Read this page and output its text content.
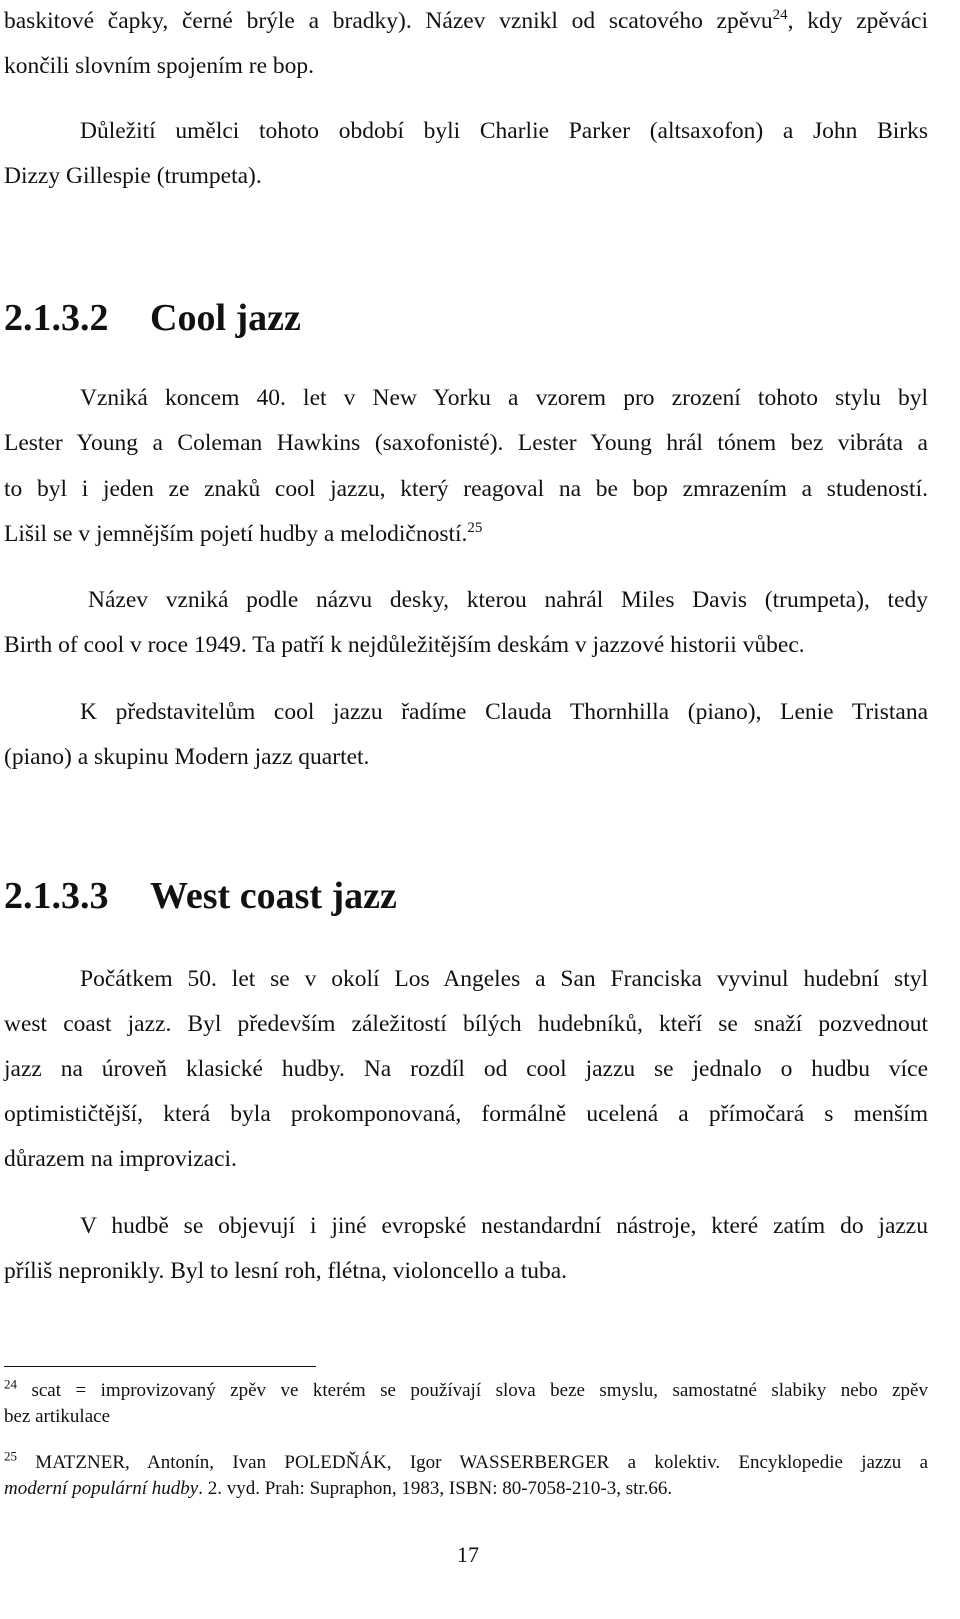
baskitové čapky, černé brýle a bradky). Název vznikl od scatového zpěvu$^{24}$, kdy zpěváci
končili slovním spojením re bop.
Důležití umělci tohoto období byli Charlie Parker (altsaxofon) a John Birks
Dizzy Gillespie (trumpeta).
2.1.3.2 Cool jazz
Vzniká koncem 40. let v New Yorku a vzorem pro zrození tohoto stylu byl
Lester Young a Coleman Hawkins (saxofonisté). Lester Young hrál tónem bez vibráta a
to byl i jeden ze znaků cool jazzu, který reagoval na be bop zmrazením a studeností.
Lišil se v jemnějším pojetí hudby a melodičností.$^{25}$
Název vzniká podle názvu desky, kterou nahrál Miles Davis (trumpeta), tedy
Birth of cool v roce 1949. Ta patří k nejdůležitějším deskám v jazzové historii vůbec.
K představitelům cool jazzu řadíme Clauda Thornhilla (piano), Lenie Tristana
(piano) a skupinu Modern jazz quartet.
2.1.3.3 West coast jazz
Počátkem 50. let se v okolí Los Angeles a San Franciska vyvinul hudební styl
west coast jazz. Byl především záležitostí bílých hudebníků, kteří se snaží pozvednout
jazz na úroveň klasické hudby. Na rozdíl od cool jazzu se jednalo o hudbu více
optimističtější, která byla prokomponovaná, formálně ucelená a přímočará s menším
důrazem na improvizaci.
V hudbě se objevují i jiné evropské nestandardní nástroje, které zatím do jazzu
příliš nepronikly. Byl to lesní roh, flétna, violoncello a tuba.
$^{24}$ scat = improvizovaný zpěv ve kterém se používají slova beze smyslu, samostatné slabiky nebo zpěv
bez artikulace
$^{25}$ MATZNER, Antonín, Ivan POLEDŇÁK, Igor WASSERBERGER a kolektiv. Encyklopedie jazzu a
moderní populární hudby. 2. vyd. Prah: Supraphon, 1983, ISBN: 80-7058-210-3, str.66.
17
